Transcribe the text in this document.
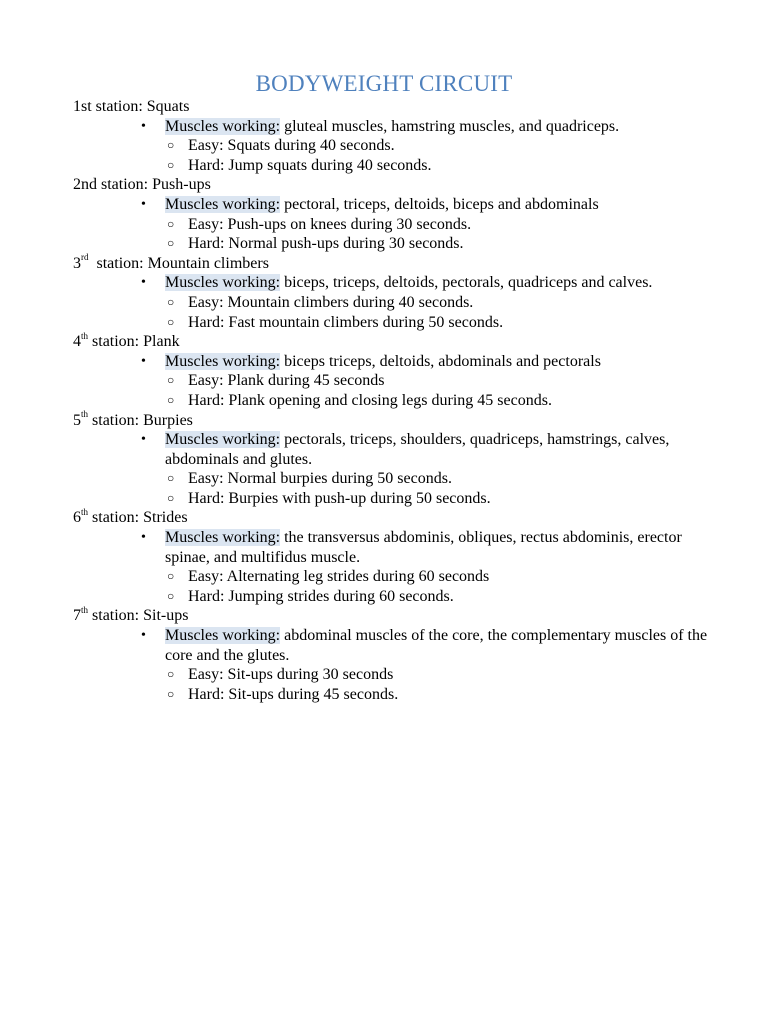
BODYWEIGHT CIRCUIT
1st station: Squats
• Muscles working: gluteal muscles, hamstring muscles, and quadriceps.
○ Easy: Squats during 40 seconds.
○ Hard: Jump squats during 40 seconds.
2nd station: Push-ups
• Muscles working: pectoral, triceps, deltoids, biceps and abdominals
○ Easy: Push-ups on knees during 30 seconds.
○ Hard: Normal push-ups during 30 seconds.
3rd  station: Mountain climbers
• Muscles working: biceps, triceps, deltoids, pectorals, quadriceps and calves.
○ Easy: Mountain climbers during 40 seconds.
○ Hard: Fast mountain climbers during 50 seconds.
4th station: Plank
• Muscles working: biceps triceps, deltoids, abdominals and pectorals
○ Easy: Plank during 45 seconds
○ Hard: Plank opening and closing legs during 45 seconds.
5th station: Burpies
• Muscles working: pectorals, triceps, shoulders, quadriceps, hamstrings, calves, abdominals and glutes.
○ Easy: Normal burpies during 50 seconds.
○ Hard: Burpies with push-up during 50 seconds.
6th station: Strides
• Muscles working: the transversus abdominis, obliques, rectus abdominis, erector spinae, and multifidus muscle.
○ Easy: Alternating leg strides during 60 seconds
○ Hard: Jumping strides during 60 seconds.
7th station: Sit-ups
• Muscles working: abdominal muscles of the core, the complementary muscles of the core and the glutes.
○ Easy: Sit-ups during 30 seconds
○ Hard: Sit-ups during 45 seconds.
